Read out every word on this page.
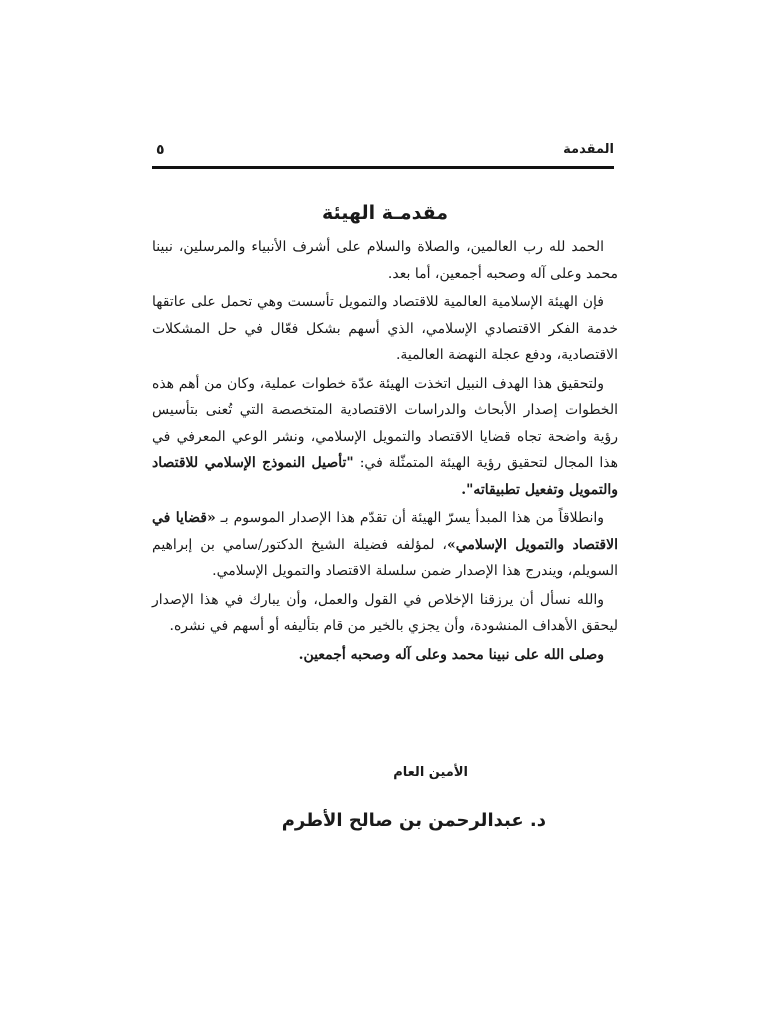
المقدمة
٥
مقدمـة الهيئة

الحمد لله رب العالمين، والصلاة والسلام على أشرف الأنبياء والمرسلين، نبينا محمد وعلى آله وصحبه أجمعين، أما بعد.

فإن الهيئة الإسلامية العالمية للاقتصاد والتمويل تأسست وهي تحمل على عاتقها خدمة الفكر الاقتصادي الإسلامي، الذي أسهم بشكل فعّال في حل المشكلات الاقتصادية، ودفع عجلة النهضة العالمية.

ولتحقيق هذا الهدف النبيل اتخذت الهيئة عدّة خطوات عملية، وكان من أهم هذه الخطوات إصدار الأبحاث والدراسات الاقتصادية المتخصصة التي تُعنى بتأسيس رؤية واضحة تجاه قضايا الاقتصاد والتمويل الإسلامي، ونشر الوعي المعرفي في هذا المجال لتحقيق رؤية الهيئة المتمثّلة في: "تأصيل النموذج الإسلامي للاقتصاد والتمويل وتفعيل تطبيقاته".

وانطلاقاً من هذا المبدأ يسرّ الهيئة أن تقدّم هذا الإصدار الموسوم بـ «قضايا في الاقتصاد والتمويل الإسلامي»، لمؤلفه فضيلة الشيخ الدكتور/سامي بن إبراهيم السويلم، ويندرج هذا الإصدار ضمن سلسلة الاقتصاد والتمويل الإسلامي.

والله نسأل أن يرزقنا الإخلاص في القول والعمل، وأن يبارك في هذا الإصدار ليحقق الأهداف المنشودة، وأن يجزي بالخير من قام بتأليفه أو أسهم في نشره.

وصلى الله على نبينا محمد وعلى آله وصحبه أجمعين.

الأمين العام
د. عبدالرحمن بن صالح الأطرم
